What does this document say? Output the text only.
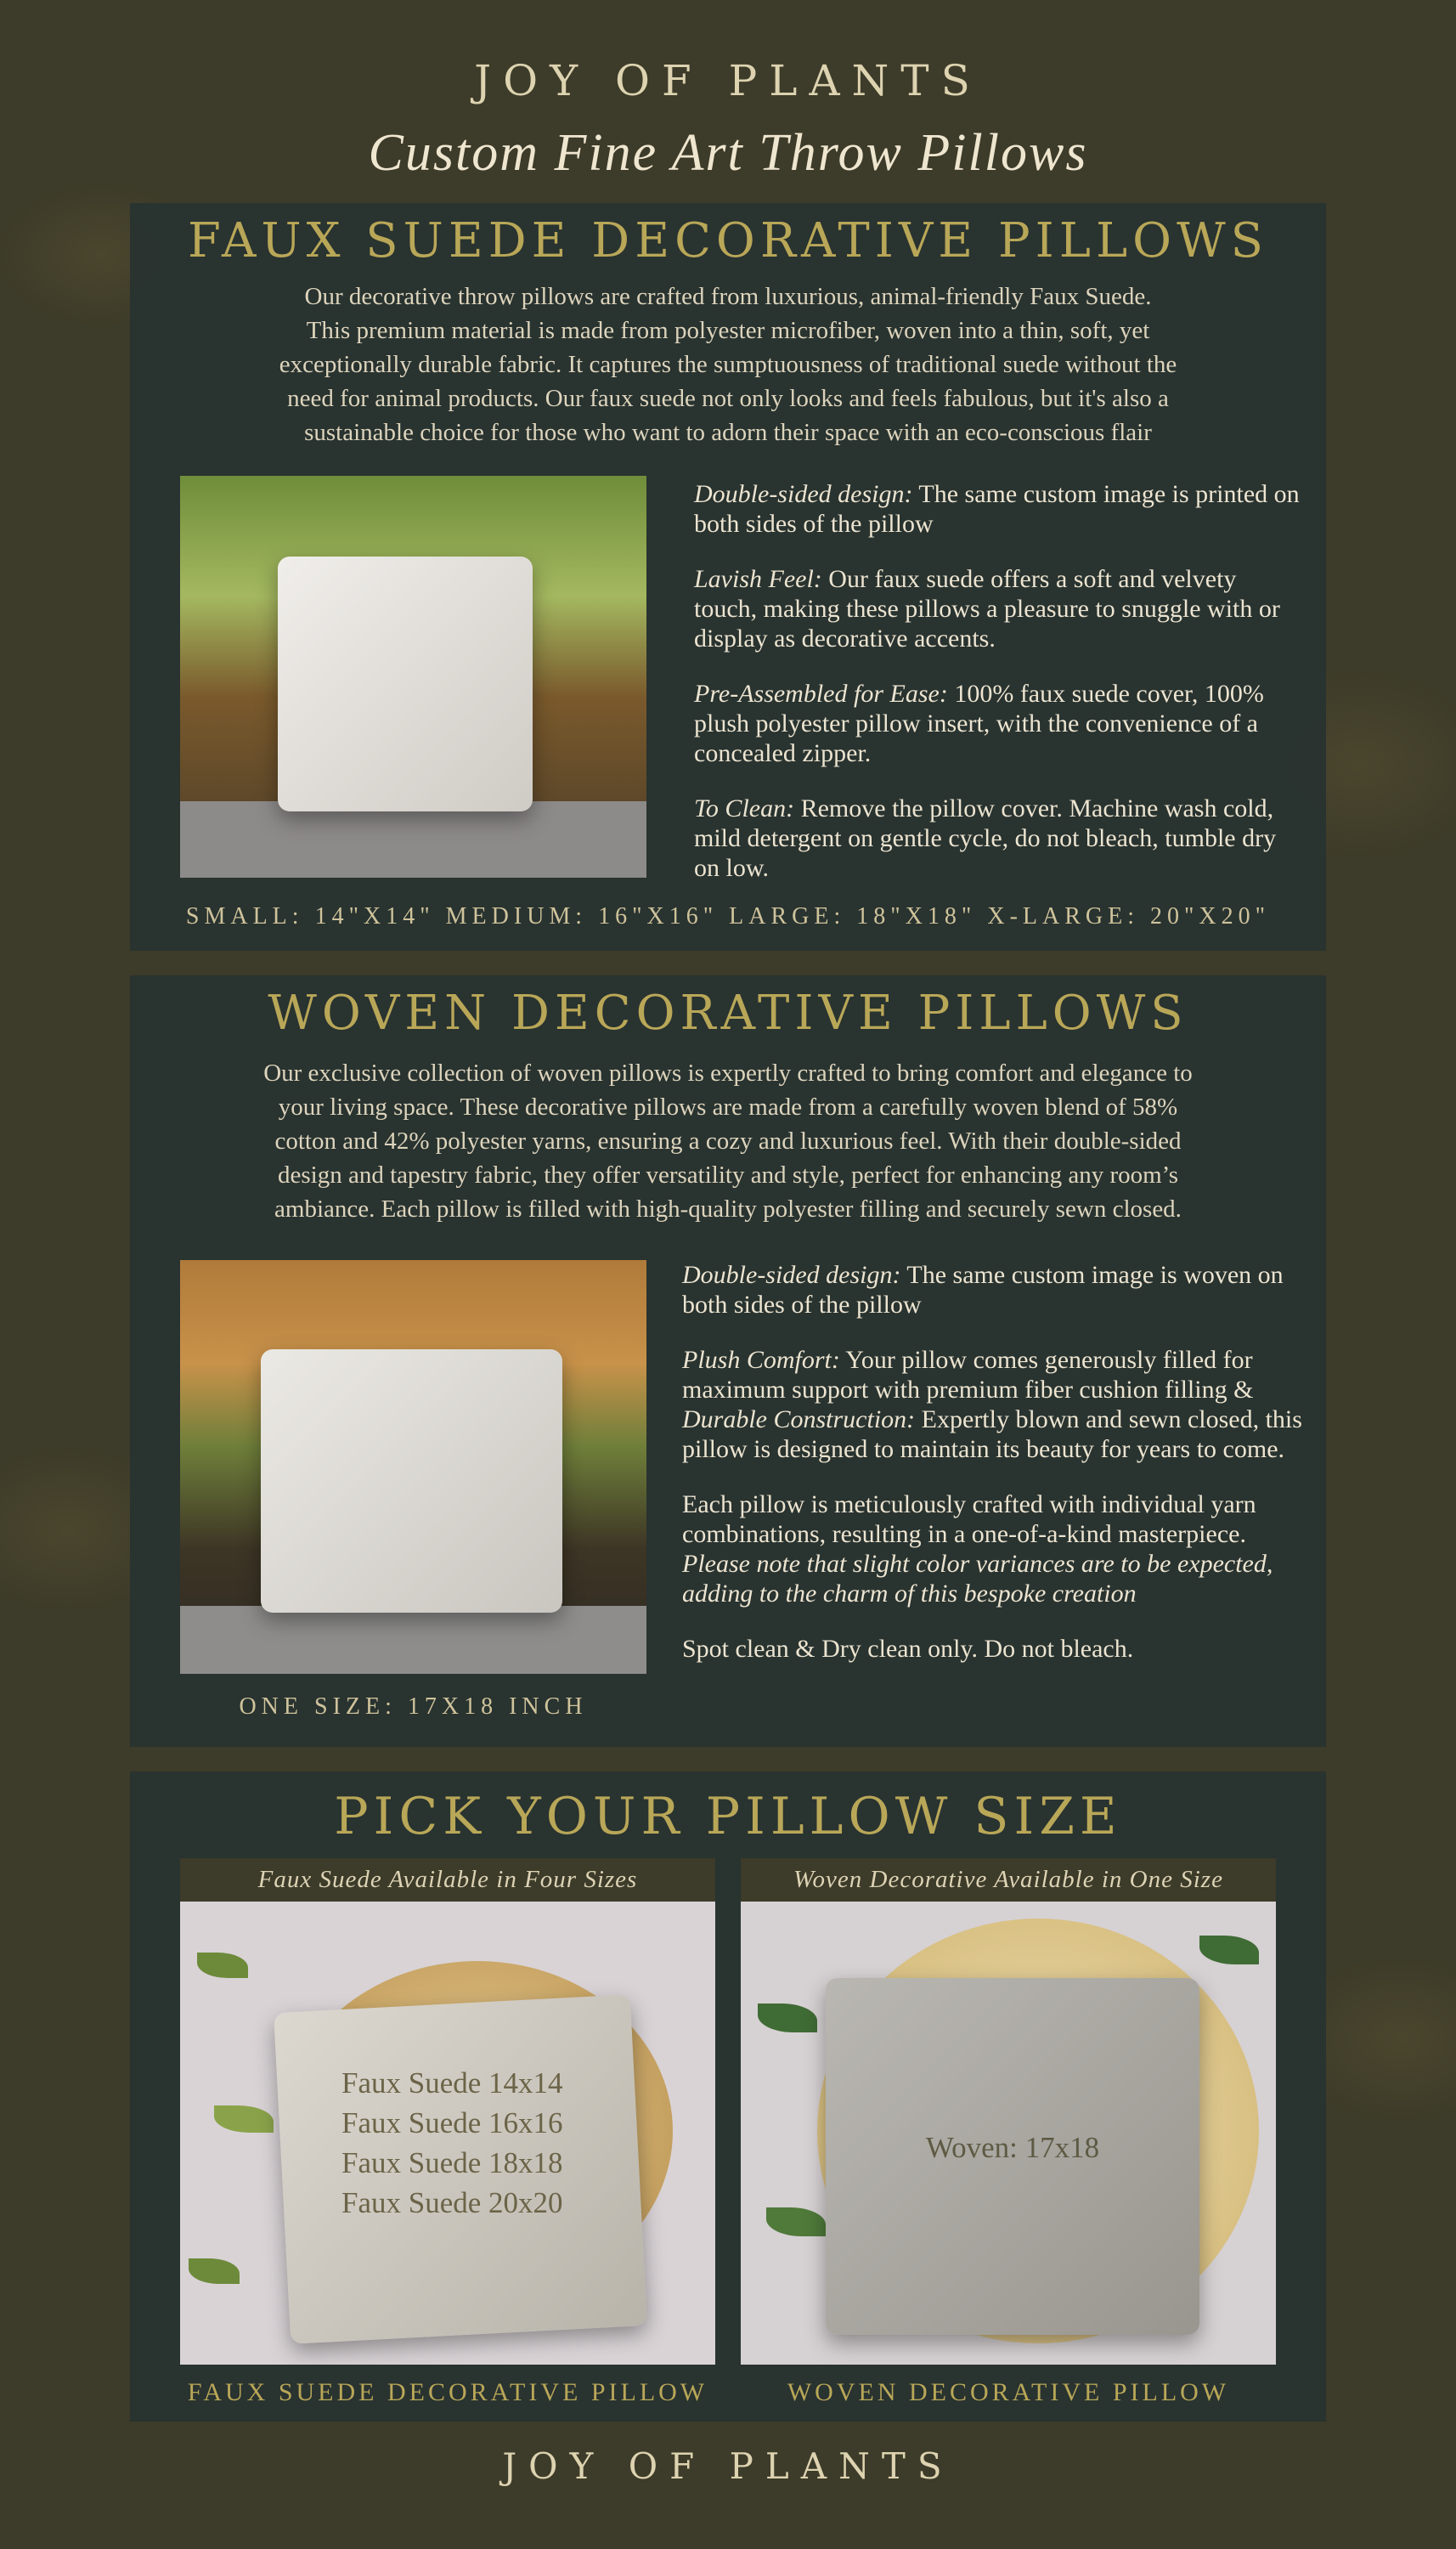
JOY OF PLANTS
Custom Fine Art Throw Pillows
FAUX SUEDE DECORATIVE PILLOWS
Our decorative throw pillows are crafted from luxurious, animal-friendly Faux Suede.
This premium material is made from polyester microfiber, woven into a thin, soft, yet
exceptionally durable fabric. It captures the sumptuousness of traditional suede without the
need for animal products. Our faux suede not only looks and feels fabulous, but it's also a
sustainable choice for those who want to adorn their space with an eco-conscious flair

Double-sided design: The same custom image is printed on both sides of the pillow

Lavish Feel: Our faux suede offers a soft and velvety touch, making these pillows a pleasure to snuggle with or display as decorative accents.

Pre-Assembled for Ease: 100% faux suede cover, 100% plush polyester pillow insert, with the convenience of a concealed zipper.

To Clean: Remove the pillow cover. Machine wash cold, mild detergent on gentle cycle, do not bleach, tumble dry on low.

SMALL: 14"X14" MEDIUM: 16"X16" LARGE: 18"X18" X-LARGE: 20"X20"
WOVEN DECORATIVE PILLOWS
Our exclusive collection of woven pillows is expertly crafted to bring comfort and elegance to
your living space. These decorative pillows are made from a carefully woven blend of 58%
cotton and 42% polyester yarns, ensuring a cozy and luxurious feel. With their double-sided
design and tapestry fabric, they offer versatility and style, perfect for enhancing any room’s
ambiance. Each pillow is filled with high-quality polyester filling and securely sewn closed.

Double-sided design: The same custom image is woven on both sides of the pillow

Plush Comfort: Your pillow comes generously filled for maximum support with premium fiber cushion filling & Durable Construction: Expertly blown and sewn closed, this pillow is designed to maintain its beauty for years to come.

Each pillow is meticulously crafted with individual yarn combinations, resulting in a one-of-a-kind masterpiece. Please note that slight color variances are to be expected, adding to the charm of this bespoke creation

Spot clean & Dry clean only. Do not bleach.

ONE SIZE: 17X18 INCH
PICK YOUR PILLOW SIZE
Faux Suede Available in Four Sizes	Woven Decorative Available in One Size
Faux Suede 14x14
Faux Suede 16x16
Faux Suede 18x18
Faux Suede 20x20
Woven: 17x18
FAUX SUEDE DECORATIVE PILLOW	WOVEN DECORATIVE PILLOW
JOY OF PLANTS
